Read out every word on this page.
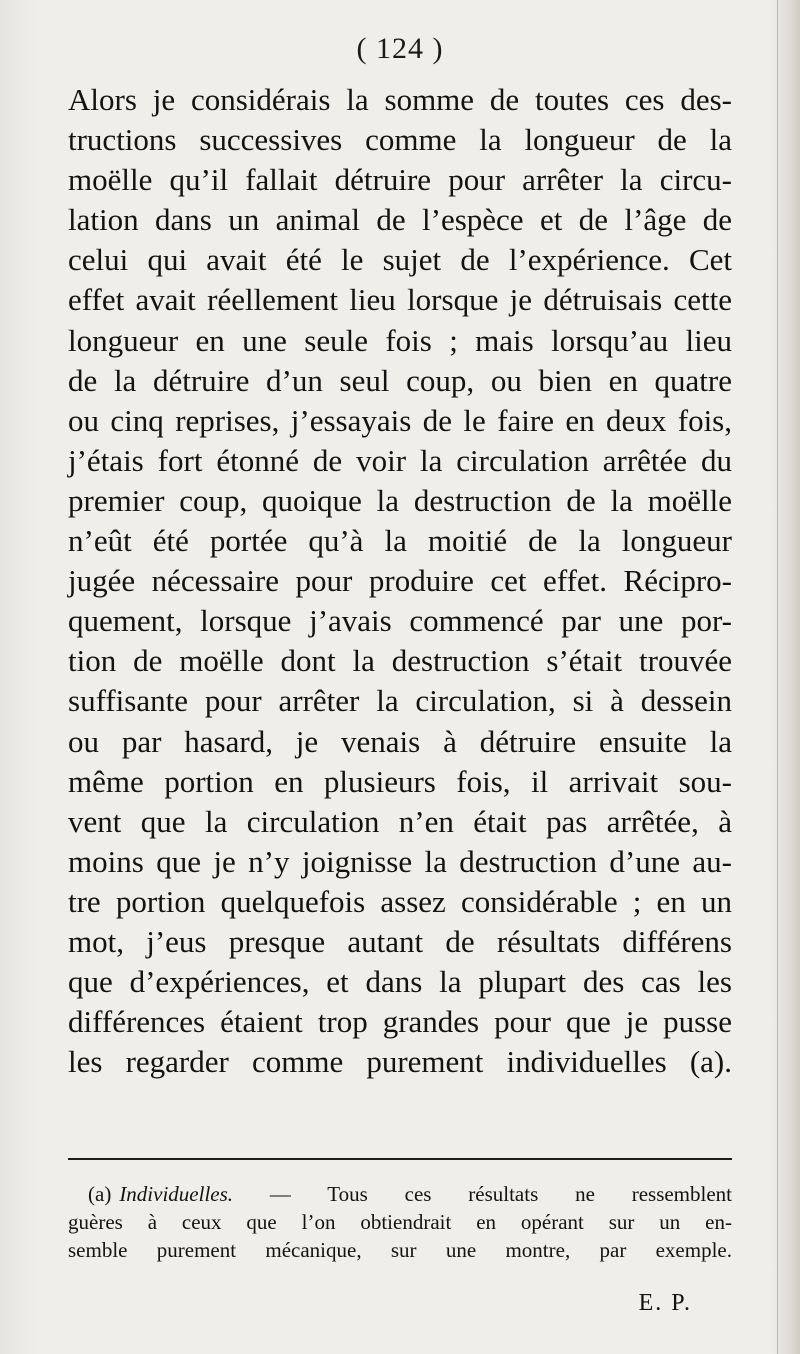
( 124 )
Alors je considérais la somme de toutes ces des-
tructions successives comme la longueur de la
moëlle qu’il fallait détruire pour arrêter la circu-
lation dans un animal de l’espèce et de l’âge de
celui qui avait été le sujet de l’expérience. Cet
effet avait réellement lieu lorsque je détruisais cette
longueur en une seule fois ; mais lorsqu’au lieu
de la détruire d’un seul coup, ou bien en quatre
ou cinq reprises, j’essayais de le faire en deux fois,
j’étais fort étonné de voir la circulation arrêtée du
premier coup, quoique la destruction de la moëlle
n’eût été portée qu’à la moitié de la longueur
jugée nécessaire pour produire cet effet. Récipro-
quement, lorsque j’avais commencé par une por-
tion de moëlle dont la destruction s’était trouvée
suffisante pour arrêter la circulation, si à dessein
ou par hasard, je venais à détruire ensuite la
même portion en plusieurs fois, il arrivait sou-
vent que la circulation n’en était pas arrêtée, à
moins que je n’y joignisse la destruction d’une au-
tre portion quelquefois assez considérable ; en un
mot, j’eus presque autant de résultats différens
que d’expériences, et dans la plupart des cas les
différences étaient trop grandes pour que je pusse
les regarder comme purement individuelles (a).
(a) Individuelles. — Tous ces résultats ne ressemblent
guères à ceux que l’on obtiendrait en opérant sur un en-
semble purement mécanique, sur une montre, par exemple.
E. P.
